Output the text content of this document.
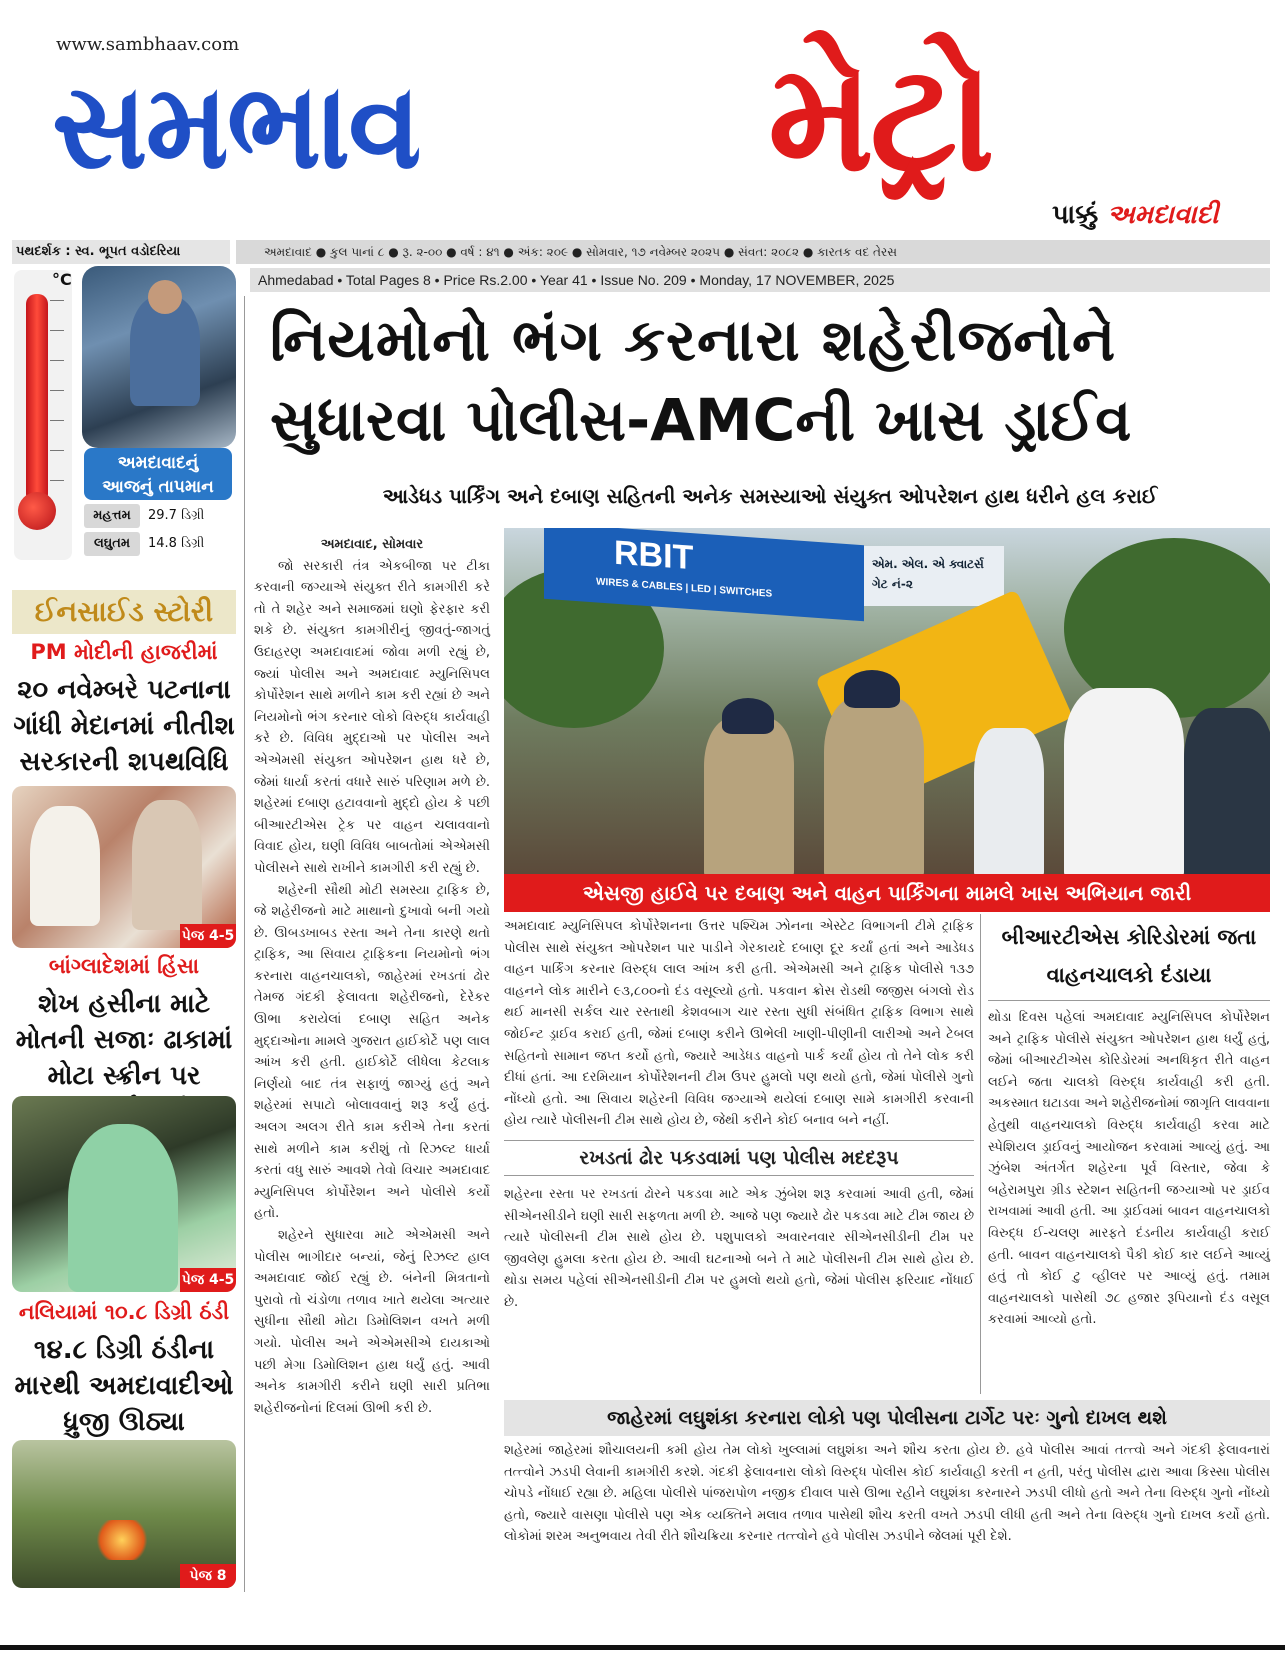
www.sambhaav.com
સમભાવ મેટ્રો
પાક્કું અમદાવાદી
પથદર્શક : સ્વ. ભૂપત વડોદરિયા	અમદાવાદ ● કુલ પાનાં ૮ ● રૂ. ૨-૦૦ ● વર્ષ : ૪૧ ● અંક: ૨૦૯ ● સોમવાર, ૧૭ નવેમ્બર ૨૦૨૫ ● સંવત: ૨૦૮૨ ● કારતક વદ તેરસ
Ahmedabad • Total Pages 8 • Price Rs.2.00 • Year 41 • Issue No. 209 • Monday, 17 NOVEMBER, 2025
°C
અમદાવાદનું
આજનું તાપમાન
મહત્તમ 29.7 ડિગ્રી
લઘુતમ 14.8 ડિગ્રી
ઈનસાઈડ સ્ટોરી
PM મોદીની હાજરીમાં
૨૦ નવેમ્બરે પટનાના ગાંધી મેદાનમાં નીતીશ સરકારની શપથવિધિ
પેજ 4-5
બાંગ્લાદેશમાં હિંસા
શેખ હસીના માટે મોતની સજાઃ ઢાકામાં મોટા સ્ક્રીન પર
પેજ 4-5
નલિયામાં ૧૦.૮ ડિગ્રી ઠંડી
૧૪.૮ ડિગ્રી ઠંડીના મારથી અમદાવાદીઓ ધ્રુજી ઊઠ્યા
પેજ 8
નિયમોનો ભંગ કરનારા શહેરીજનોને
સુધારવા પોલીસ-AMCની ખાસ ડ્રાઈવ
આડેધડ પાર્કિંગ અને દબાણ સહિતની અનેક સમસ્યાઓ સંયુક્ત ઓપરેશન હાથ ધરીને હલ કરાઈ
અમદાવાદ, સોમવાર

જો સરકારી તંત્ર એકબીજા પર ટીકા કરવાની જગ્યાએ સંયુક્ત રીતે કામગીરી કરે તો તે શહેર અને સમાજમાં ઘણો ફેરફાર કરી શકે છે. સંયુક્ત કામગીરીનું જીવતું-જાગતું ઉદાહરણ અમદાવાદમાં જોવા મળી રહ્યું છે, જ્યાં પોલીસ અને અમદાવાદ મ્યુનિસિપલ કોર્પોરેશન સાથે મળીને કામ કરી રહ્યાં છે અને નિયમોનો ભંગ કરનાર લોકો વિરુદ્ધ કાર્યવાહી કરે છે. વિવિધ મુદ્દાઓ પર પોલીસ અને એએમસી સંયુક્ત ઓપરેશન હાથ ધરે છે, જેમાં ધાર્યા કરતાં વધારે સારું પરિણામ મળે છે. શહેરમાં દબાણ હટાવવાનો મુદ્દો હોય કે પછી બીઆરટીએસ ટ્રેક પર વાહન ચલાવવાનો વિવાદ હોય, ઘણી વિવિધ બાબતોમાં એએમસી પોલીસને સાથે રાખીને કામગીરી કરી રહ્યું છે.

શહેરની સૌથી મોટી સમસ્યા ટ્રાફિક છે, જે શહેરીજનો માટે માથાનો દુખાવો બની ગયો છે. ઊબડખાબડ રસ્તા અને તેના કારણે થતો ટ્રાફિક, આ સિવાય ટ્રાફિકના નિયમોનો ભંગ કરનારા વાહનચાલકો, જાહેરમાં રખડતાં ઢોર તેમજ ગંદકી ફેલાવતા શહેરીજનો, દેરેકર ઊભા કરાયેલાં દબાણ સહિત અનેક મુદ્દાઓના મામલે ગુજરાત હાઈકોર્ટે પણ લાલ આંખ કરી હતી. હાઈકોર્ટે લીધેલા કેટલાક નિર્ણયો બાદ તંત્ર સફાળું જાગ્યું હતું અને શહેરમાં સપાટો બોલાવવાનું શરૂ કર્યું હતું. અલગ અલગ રીતે કામ કરીએ તેના કરતાં સાથે મળીને કામ કરીશું તો રિઝલ્ટ ધાર્યા કરતાં વધુ સારું આવશે તેવો વિચાર અમદાવાદ મ્યુનિસિપલ કોર્પોરેશન અને પોલીસે કર્યો હતો.

શહેરને સુધારવા માટે એએમસી અને પોલીસ ભાગીદાર બન્યાં, જેનું રિઝલ્ટ હાલ અમદાવાદ જોઈ રહ્યું છે. બંનેની મિત્રતાનો પુરાવો તો ચંડોળા તળાવ ખાતે થયેલા અત્યાર સુધીના સૌથી મોટા ડિમોલિશન વખતે મળી ગયો. પોલીસ અને એએમસીએ દાયકાઓ પછી મેગા ડિમોલિશન હાથ ધર્યું હતું. આવી અનેક કામગીરી કરીને ઘણી સારી પ્રતિભા શહેરીજનોનાં દિલમાં ઊભી કરી છે.

RBIT
WIRES & CABLES | LED | SWITCHES
એમ. એલ. એ ક્વાટર્સ ગેટ નં-૨
એસજી હાઈવે પર દબાણ અને વાહન પાર્કિંગના મામલે ખાસ અભિયાન જારી

અમદાવાદ મ્યુનિસિપલ કોર્પોરેશનના ઉત્તર પશ્ચિમ ઝોનના એસ્ટેટ વિભાગની ટીમે ટ્રાફિક પોલીસ સાથે સંયુક્ત ઓપરેશન પાર પાડીને ગેરકાયદે દબાણ દૂર કર્યાં હતાં અને આડેધડ વાહન પાર્કિંગ કરનાર વિરુદ્ધ લાલ આંખ કરી હતી. એએમસી અને ટ્રાફિક પોલીસે ૧૩૭ વાહનને લોક મારીને ૯૩,૮૦૦નો દંડ વસૂલ્યો હતો. પકવાન ક્રોસ રોડથી જજીસ બંગલો રોડ થઈ માનસી સર્કલ ચાર રસ્તાથી કેશવબાગ ચાર રસ્તા સુધી સંબંધિત ટ્રાફિક વિભાગ સાથે જોઈન્ટ ડ્રાઈવ કરાઈ હતી, જેમાં દબાણ કરીને ઊભેલી ખાણી-પીણીની લારીઓ અને ટેબલ સહિતનો સામાન જપ્ત કર્યો હતો, જ્યારે આડેધડ વાહનો પાર્ક કર્યાં હોય તો તેને લોક કરી દીધાં હતાં. આ દરમિયાન કોર્પોરેશનની ટીમ ઉપર હુમલો પણ થયો હતો, જેમાં પોલીસે ગુનો નોંધ્યો હતો. આ સિવાય શહેરની વિવિધ જગ્યાએ થયેલાં દબાણ સામે કામગીરી કરવાની હોય ત્યારે પોલીસની ટીમ સાથે હોય છે, જેથી કરીને કોઈ બનાવ બને નહીં.

રખડતાં ઢોર પકડવામાં પણ પોલીસ મદદરૂપ

શહેરના રસ્તા પર રખડતાં ઢોરને પકડવા માટે એક ઝુંબેશ શરૂ કરવામાં આવી હતી, જેમાં સીએનસીડીને ઘણી સારી સફળતા મળી છે. આજે પણ જ્યારે ઢોર પકડવા માટે ટીમ જાય છે ત્યારે પોલીસની ટીમ સાથે હોય છે. પશુપાલકો અવારનવાર સીએનસીડીની ટીમ પર જીવલેણ હુમલા કરતા હોય છે. આવી ઘટનાઓ બને તે માટે પોલીસની ટીમ સાથે હોય છે. થોડા સમય પહેલાં સીએનસીડીની ટીમ પર હુમલો થયો હતો, જેમાં પોલીસ ફરિયાદ નોંધાઈ છે.

બીઆરટીએસ કોરિડોરમાં જતા વાહનચાલકો દંડાયા

થોડા દિવસ પહેલાં અમદાવાદ મ્યુનિસિપલ કોર્પોરેશન અને ટ્રાફિક પોલીસે સંયુક્ત ઓપરેશન હાથ ધર્યું હતું, જેમાં બીઆરટીએસ કોરિડોરમાં અનધિકૃત રીતે વાહન લઈને જતા ચાલકો વિરુદ્ધ કાર્યવાહી કરી હતી. અકસ્માત ઘટાડવા અને શહેરીજનોમાં જાગૃતિ લાવવાના હેતુથી વાહનચાલકો વિરુદ્ધ કાર્યવાહી કરવા માટે સ્પેશિયલ ડ્રાઈવનું આયોજન કરવામાં આવ્યું હતું. આ ઝુંબેશ અંતર્ગત શહેરના પૂર્વ વિસ્તાર, જેવા કે બહેરામપુરા ગ્રીડ સ્ટેશન સહિતની જગ્યાઓ પર ડ્રાઈવ રાખવામાં આવી હતી. આ ડ્રાઈવમાં બાવન વાહનચાલકો વિરુદ્ધ ઈ-ચલણ મારફતે દંડનીય કાર્યવાહી કરાઈ હતી. બાવન વાહનચાલકો પૈકી કોઈ કાર લઈને આવ્યું હતું તો કોઈ ટુ વ્હીલર પર આવ્યું હતું. તમામ વાહનચાલકો પાસેથી ૭૮ હજાર રૂપિયાનો દંડ વસૂલ કરવામાં આવ્યો હતો.

જાહેરમાં લઘુશંકા કરનારા લોકો પણ પોલીસના ટાર્ગેટ પરઃ ગુનો દાખલ થશે
શહેરમાં જાહેરમાં શૌચાલયની કમી હોય તેમ લોકો ખુલ્લામાં લઘુશંકા અને શૌચ કરતા હોય છે. હવે પોલીસ આવાં તત્ત્વો અને ગંદકી ફેલાવનારાં તત્ત્વોને ઝડપી લેવાની કામગીરી કરશે. ગંદકી ફેલાવનારા લોકો વિરુદ્ધ પોલીસ કોઈ કાર્યવાહી કરતી ન હતી, પરંતુ પોલીસ દ્વારા આવા કિસ્સા પોલીસ ચોપડે નોંધાઈ રહ્યા છે. મહિલા પોલીસે પાંજરાપોળ નજીક દીવાલ પાસે ઊભા રહીને લઘુશંકા કરનારને ઝડપી લીધો હતો અને તેના વિરુદ્ધ ગુનો નોંધ્યો હતો, જ્યારે વાસણા પોલીસે પણ એક વ્યક્તિને મલાવ તળાવ પાસેથી શૌચ કરતી વખતે ઝડપી લીધી હતી અને તેના વિરુદ્ધ ગુનો દાખલ કર્યો હતો. લોકોમાં શરમ અનુભવાય તેવી રીતે શૌચક્રિયા કરનાર તત્ત્વોને હવે પોલીસ ઝડપીને જેલમાં પૂરી દેશે.
